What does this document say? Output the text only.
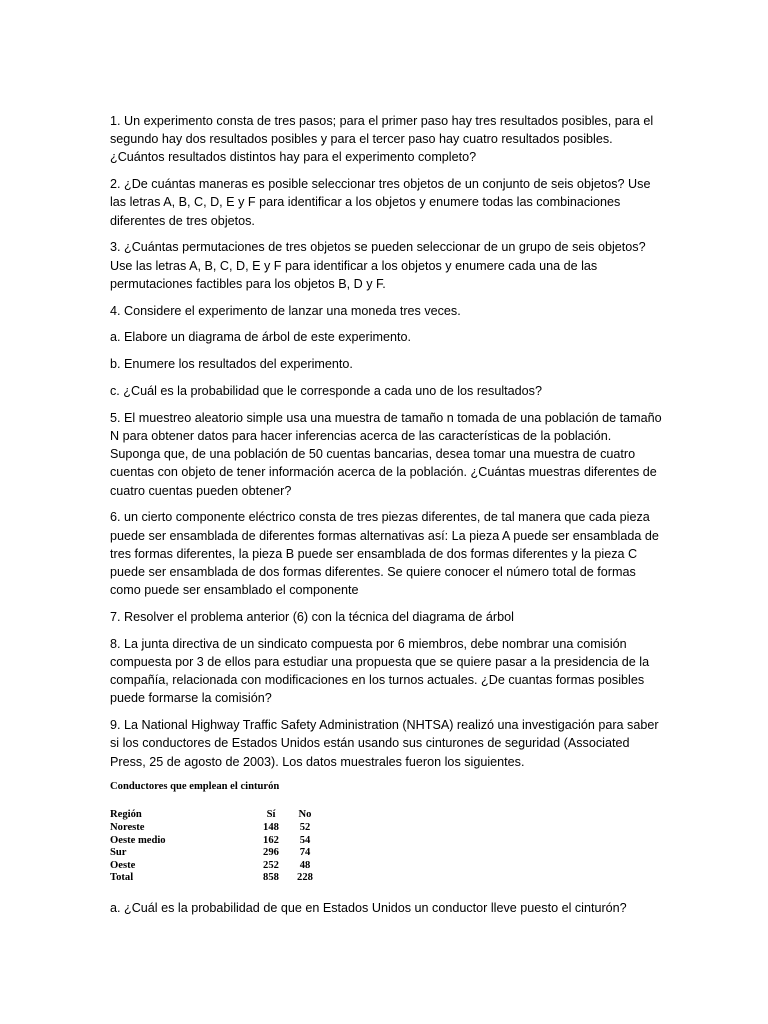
1. Un experimento consta de tres pasos; para el primer paso hay tres resultados posibles, para el segundo hay dos resultados posibles y para el tercer paso hay cuatro resultados posibles. ¿Cuántos resultados distintos hay para el experimento completo?

2. ¿De cuántas maneras es posible seleccionar tres objetos de un conjunto de seis objetos? Use las letras A, B, C, D, E y F para identificar a los objetos y enumere todas las combinaciones diferentes de tres objetos.

3. ¿Cuántas permutaciones de tres objetos se pueden seleccionar de un grupo de seis objetos? Use las letras A, B, C, D, E y F para identificar a los objetos y enumere cada una de las permutaciones factibles para los objetos B, D y F.

4. Considere el experimento de lanzar una moneda tres veces.

a. Elabore un diagrama de árbol de este experimento.

b. Enumere los resultados del experimento.

c. ¿Cuál es la probabilidad que le corresponde a cada uno de los resultados?

5. El muestreo aleatorio simple usa una muestra de tamaño n tomada de una población de tamaño N para obtener datos para hacer inferencias acerca de las características de la población. Suponga que, de una población de 50 cuentas bancarias, desea tomar una muestra de cuatro cuentas con objeto de tener información acerca de la población. ¿Cuántas muestras diferentes de cuatro cuentas pueden obtener?

6. un cierto componente eléctrico consta de tres piezas diferentes, de tal manera que cada pieza puede ser ensamblada de diferentes formas alternativas así: La pieza A puede ser ensamblada de tres formas diferentes, la pieza B puede ser ensamblada de dos formas diferentes y la pieza C puede ser ensamblada de dos formas diferentes. Se quiere conocer el número total de formas como puede ser ensamblado el componente

7. Resolver el problema anterior (6) con la técnica del diagrama de árbol

8. La junta directiva de un sindicato compuesta por 6 miembros, debe nombrar una comisión compuesta por 3 de ellos para estudiar una propuesta que se quiere pasar a la presidencia de la compañía, relacionada con modificaciones en los turnos actuales. ¿De cuantas formas posibles puede formarse la comisión?

9. La National Highway Traffic Safety Administration (NHTSA) realizó una investigación para saber si los conductores de Estados Unidos están usando sus cinturones de seguridad (Associated Press, 25 de agosto de 2003). Los datos muestrales fueron los siguientes.

Conductores que emplean el cinturón
Región	Sí	No
Noreste	148	52
Oeste medio	162	54
Sur	296	74
Oeste	252	48
Total	858	228

a. ¿Cuál es la probabilidad de que en Estados Unidos un conductor lleve puesto el cinturón?
